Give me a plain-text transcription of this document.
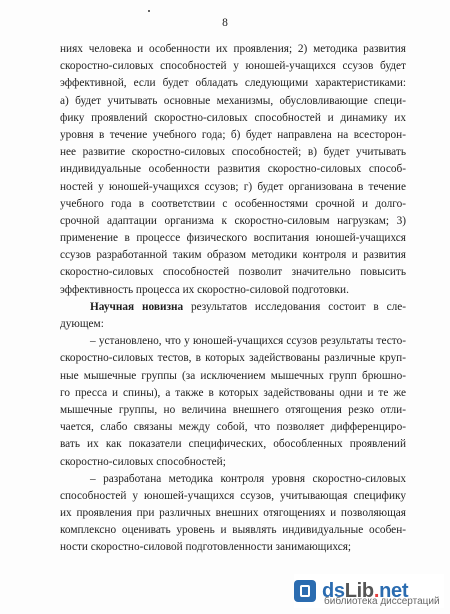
8
ниях человека и особенности их проявления; 2) методика развития
скоростно-силовых способностей у юношей-учащихся ссузов будет
эффективной, если будет обладать следующими характеристиками:
а) будет учитывать основные механизмы, обусловливающие специ-
фику проявлений скоростно-силовых способностей и динамику их
уровня в течение учебного года; б) будет направлена на всесторон-
нее развитие скоростно-силовых способностей; в) будет учитывать
индивидуальные особенности развития скоростно-силовых способ-
ностей у юношей-учащихся ссузов; г) будет организована в течение
учебного года в соответствии с особенностями срочной и долго-
срочной адаптации организма к скоростно-силовым нагрузкам; 3)
применение в процессе физического воспитания юношей-учащихся
ссузов разработанной таким образом методики контроля и развития
скоростно-силовых способностей позволит значительно повысить
эффективность процесса их скоростно-силовой подготовки.
Научная новизна результатов исследования состоит в сле-
дующем:
– установлено, что у юношей-учащихся ссузов результаты тесто-
скоростно-силовых тестов, в которых задействованы различные круп-
ные мышечные группы (за исключением мышечных групп брюшно-
го пресса и спины), а также в которых задействованы одни и те же
мышечные группы, но величина внешнего отягощения резко отли-
чается, слабо связаны между собой, что позволяет дифференциро-
вать их как показатели специфических, обособленных проявлений
скоростно-силовых способностей;
– разработана методика контроля уровня скоростно-силовых
способностей у юношей-учащихся ссузов, учитывающая специфику
их проявления при различных внешних отягощениях и позволяющая
комплексно оценивать уровень и выявлять индивидуальные особен-
ности скоростно-силовой подготовленности занимающихся;
ds Lib . net
библиотека диссертаций
